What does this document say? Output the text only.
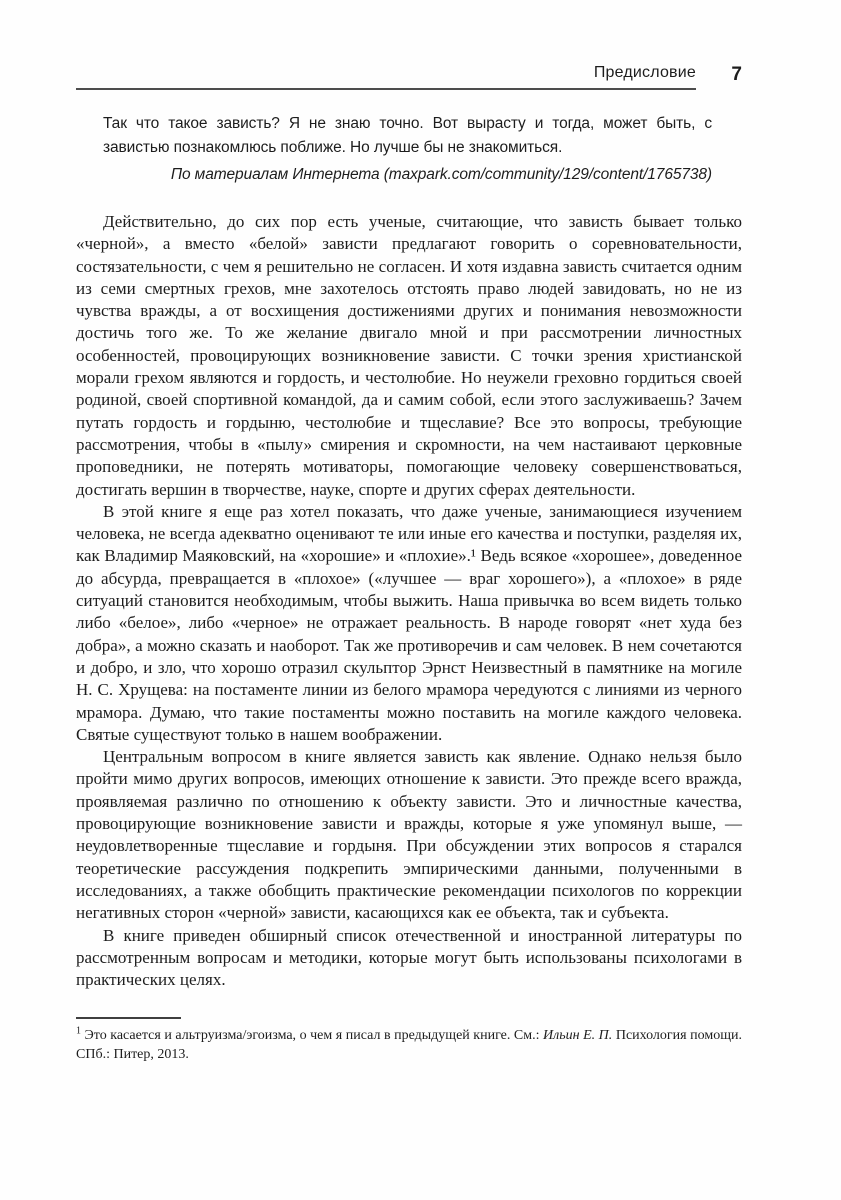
Предисловие	7
Так что такое зависть? Я не знаю точно. Вот вырасту и тогда, может быть, с завистью познакомлюсь поближе. Но лучше бы не знакомиться.
По материалам Интернета (maxpark.com/community/129/content/1765738)

Действительно, до сих пор есть ученые, считающие, что зависть бывает только «черной», а вместо «белой» зависти предлагают говорить о соревновательности, состязательности, с чем я решительно не согласен. И хотя издавна зависть считается одним из семи смертных грехов, мне захотелось отстоять право людей завидовать, но не из чувства вражды, а от восхищения достижениями других и понимания невозможности достичь того же. То же желание двигало мной и при рассмотрении личностных особенностей, провоцирующих возникновение зависти. С точки зрения христианской морали грехом являются и гордость, и честолюбие. Но неужели греховно гордиться своей родиной, своей спортивной командой, да и самим собой, если этого заслуживаешь? Зачем путать гордость и гордыню, честолюбие и тщеславие? Все это вопросы, требующие рассмотрения, чтобы в «пылу» смирения и скромности, на чем настаивают церковные проповедники, не потерять мотиваторы, помогающие человеку совершенствоваться, достигать вершин в творчестве, науке, спорте и других сферах деятельности.

В этой книге я еще раз хотел показать, что даже ученые, занимающиеся изучением человека, не всегда адекватно оценивают те или иные его качества и поступки, разделяя их, как Владимир Маяковский, на «хорошие» и «плохие».¹ Ведь всякое «хорошее», доведенное до абсурда, превращается в «плохое» («лучшее — враг хорошего»), а «плохое» в ряде ситуаций становится необходимым, чтобы выжить. Наша привычка во всем видеть только либо «белое», либо «черное» не отражает реальность. В народе говорят «нет худа без добра», а можно сказать и наоборот. Так же противоречив и сам человек. В нем сочетаются и добро, и зло, что хорошо отразил скульптор Эрнст Неизвестный в памятнике на могиле Н. С. Хрущева: на постаменте линии из белого мрамора чередуются с линиями из черного мрамора. Думаю, что такие постаменты можно поставить на могиле каждого человека. Святые существуют только в нашем воображении.

Центральным вопросом в книге является зависть как явление. Однако нельзя было пройти мимо других вопросов, имеющих отношение к зависти. Это прежде всего вражда, проявляемая различно по отношению к объекту зависти. Это и личностные качества, провоцирующие возникновение зависти и вражды, которые я уже упомянул выше, — неудовлетворенные тщеславие и гордыня. При обсуждении этих вопросов я старался теоретические рассуждения подкрепить эмпирическими данными, полученными в исследованиях, а также обобщить практические рекомендации психологов по коррекции негативных сторон «черной» зависти, касающихся как ее объекта, так и субъекта.

В книге приведен обширный список отечественной и иностранной литературы по рассмотренным вопросам и методики, которые могут быть использованы психологами в практических целях.

$^1$ Это касается и альтруизма/эгоизма, о чем я писал в предыдущей книге. См.: Ильин Е. П. Психология помощи. СПб.: Питер, 2013.
